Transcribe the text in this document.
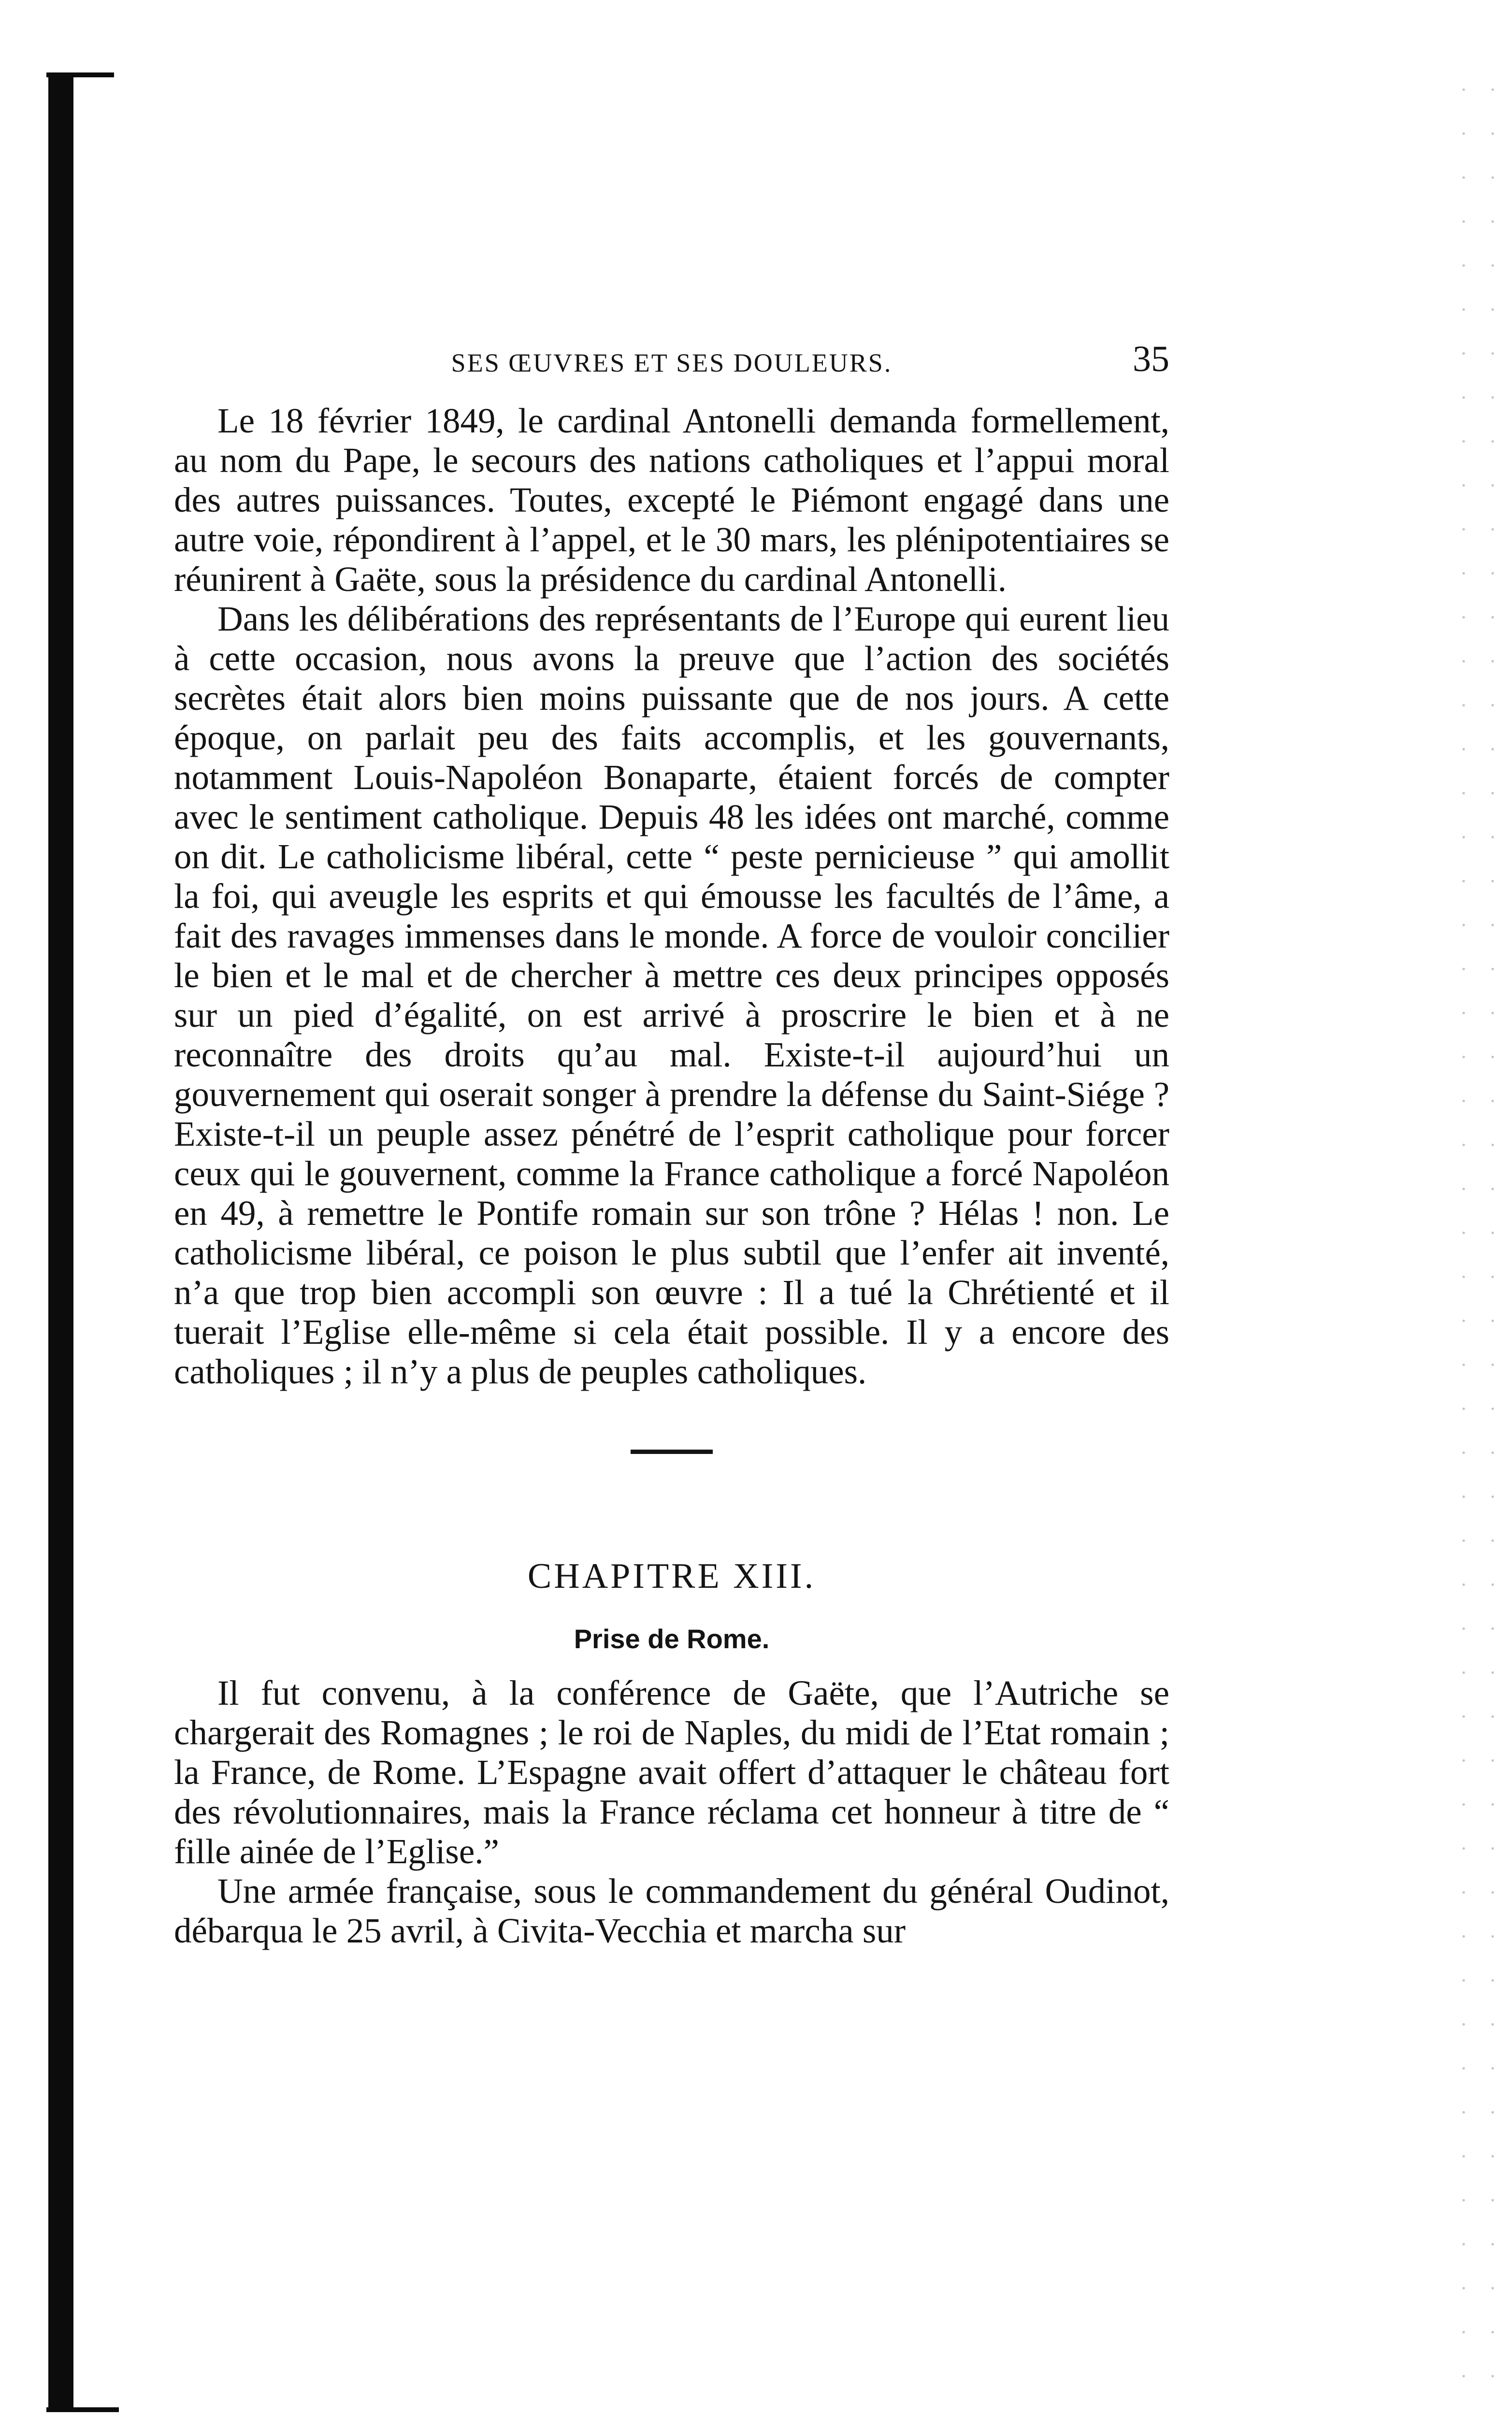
SES ŒUVRES ET SES DOULEURS.	35

Le 18 février 1849, le cardinal Antonelli demanda formellement, au nom du Pape, le secours des nations catholiques et l’appui moral des autres puissances. Toutes, excepté le Piémont engagé dans une autre voie, répondirent à l’appel, et le 30 mars, les plénipotentiaires se réunirent à Gaëte, sous la présidence du cardinal Antonelli.

Dans les délibérations des représentants de l’Europe qui eurent lieu à cette occasion, nous avons la preuve que l’action des sociétés secrètes était alors bien moins puissante que de nos jours. A cette époque, on parlait peu des faits accomplis, et les gouvernants, notamment Louis-Napoléon Bonaparte, étaient forcés de compter avec le sentiment catholique. Depuis 48 les idées ont marché, comme on dit. Le catholicisme libéral, cette “ peste pernicieuse ” qui amollit la foi, qui aveugle les esprits et qui émousse les facultés de l’âme, a fait des ravages immenses dans le monde. A force de vouloir concilier le bien et le mal et de chercher à mettre ces deux principes opposés sur un pied d’égalité, on est arrivé à proscrire le bien et à ne reconnaître des droits qu’au mal. Existe-t-il aujourd’hui un gouvernement qui oserait songer à prendre la défense du Saint-Siége ? Existe-t-il un peuple assez pénétré de l’esprit catholique pour forcer ceux qui le gouvernent, comme la France catholique a forcé Napoléon en 49, à remettre le Pontife romain sur son trône ? Hélas ! non. Le catholicisme libéral, ce poison le plus subtil que l’enfer ait inventé, n’a que trop bien accompli son œuvre : Il a tué la Chrétienté et il tuerait l’Eglise elle-même si cela était possible. Il y a encore des catholiques ; il n’y a plus de peuples catholiques.

CHAPITRE XIII.
Prise de Rome.

Il fut convenu, à la conférence de Gaëte, que l’Autriche se chargerait des Romagnes ; le roi de Naples, du midi de l’Etat romain ; la France, de Rome. L’Espagne avait offert d’attaquer le château fort des révolutionnaires, mais la France réclama cet honneur à titre de “ fille ainée de l’Eglise.”

Une armée française, sous le commandement du général Oudinot, débarqua le 25 avril, à Civita-Vecchia et marcha sur
